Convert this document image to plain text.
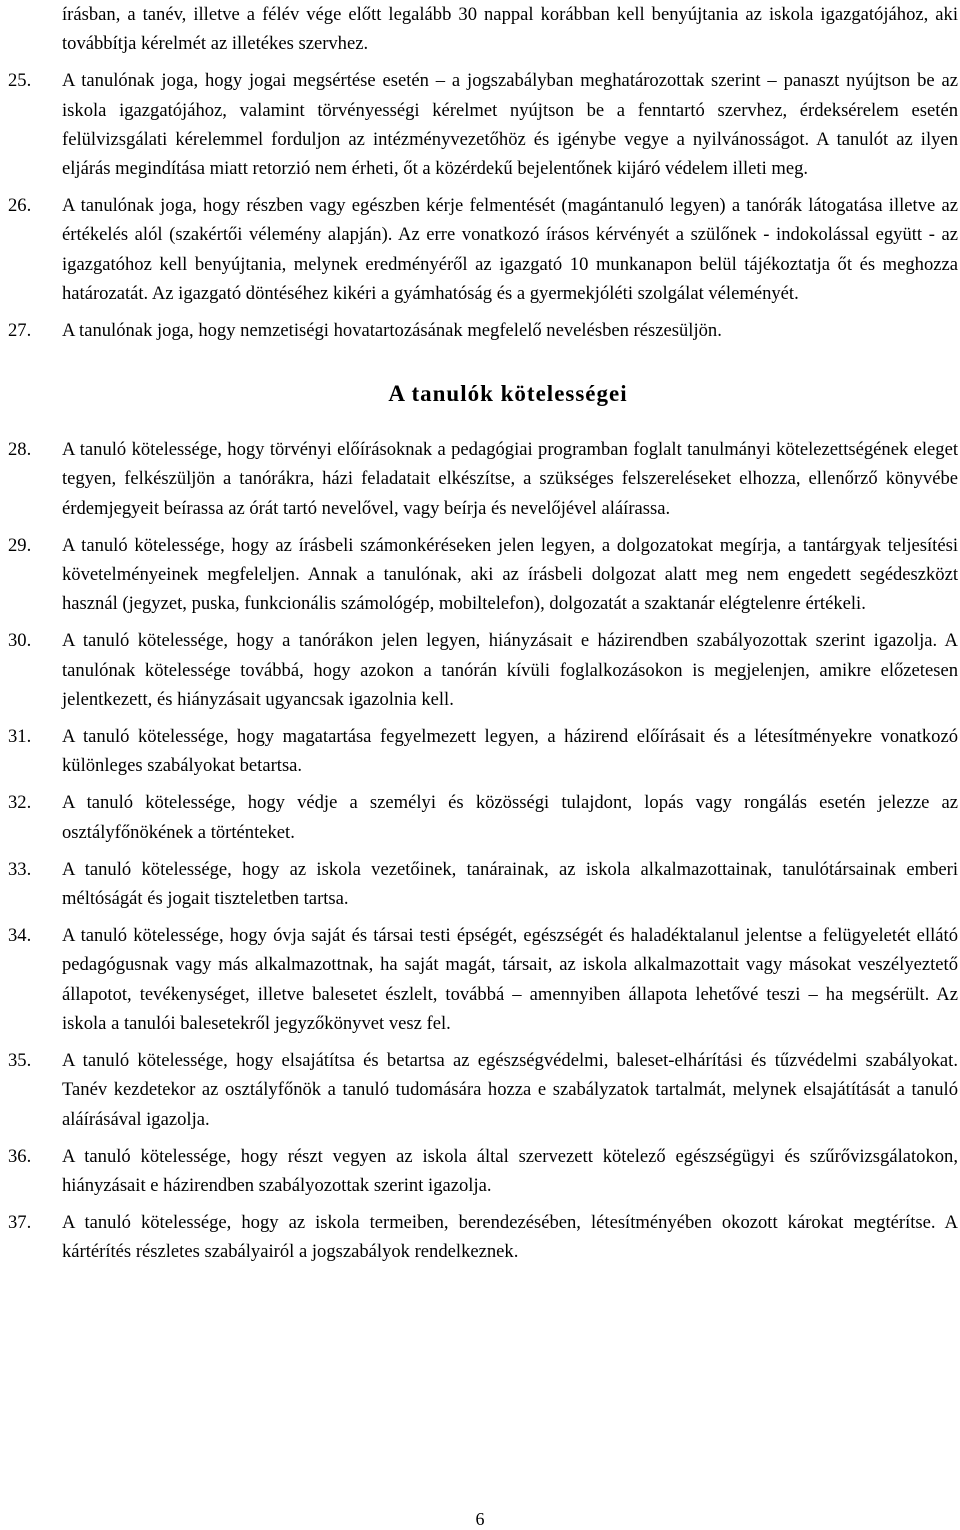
írásban, a tanév, illetve a félév vége előtt legalább 30 nappal korábban kell benyújtania az iskola igazgatójához, aki továbbítja kérelmét az illetékes szervhez.

25.	A tanulónak joga, hogy jogai megsértése esetén – a jogszabályban meghatározottak szerint – panaszt nyújtson be az iskola igazgatójához, valamint törvényességi kérelmet nyújtson be a fenntartó szervhez, érdeksérelem esetén felülvizsgálati kérelemmel forduljon az intézményvezetőhöz és igénybe vegye a nyilvánosságot. A tanulót az ilyen eljárás megindítása miatt retorzió nem érheti, őt a közérdekű bejelentőnek kijáró védelem illeti meg.
26.	A tanulónak joga, hogy részben vagy egészben kérje felmentését (magántanuló legyen) a tanórák látogatása illetve az értékelés alól (szakértői vélemény alapján). Az erre vonatkozó írásos kérvényét a szülőnek - indokolással együtt - az igazgatóhoz kell benyújtania, melynek eredményéről az igazgató 10 munkanapon belül tájékoztatja őt és meghozza határozatát. Az igazgató döntéséhez kikéri a gyámhatóság és a gyermekjóléti szolgálat véleményét.
27.	A tanulónak joga, hogy nemzetiségi hovatartozásának megfelelő nevelésben részesüljön.
A tanulók kötelességei
28.	A tanuló kötelessége, hogy törvényi előírásoknak a pedagógiai programban foglalt tanulmányi kötelezettségének eleget tegyen, felkészüljön a tanórákra, házi feladatait elkészítse, a szükséges felszereléseket elhozza, ellenőrző könyvébe érdemjegyeit beírassa az órát tartó nevelővel, vagy beírja és nevelőjével aláírassa.
29.	A tanuló kötelessége, hogy az írásbeli számonkéréseken jelen legyen, a dolgozatokat megírja, a tantárgyak teljesítési követelményeinek megfeleljen. Annak a tanulónak, aki az írásbeli dolgozat alatt meg nem engedett segédeszközt használ (jegyzet, puska, funkcionális számológép, mobiltelefon), dolgozatát a szaktanár elégtelenre értékeli.
30.	A tanuló kötelessége, hogy a tanórákon jelen legyen, hiányzásait e házirendben szabályozottak szerint igazolja. A tanulónak kötelessége továbbá, hogy azokon a tanórán kívüli foglalkozásokon is megjelenjen, amikre előzetesen jelentkezett, és hiányzásait ugyancsak igazolnia kell.
31.	A tanuló kötelessége, hogy magatartása fegyelmezett legyen, a házirend előírásait és a létesítményekre vonatkozó különleges szabályokat betartsa.
32.	A tanuló kötelessége, hogy védje a személyi és közösségi tulajdont, lopás vagy rongálás esetén jelezze az osztályfőnökének a történteket.
33.	A tanuló kötelessége, hogy az iskola vezetőinek, tanárainak, az iskola alkalmazottainak, tanulótársainak emberi méltóságát és jogait tiszteletben tartsa.
34.	A tanuló kötelessége, hogy óvja saját és társai testi épségét, egészségét és haladéktalanul jelentse a felügyeletét ellátó pedagógusnak vagy más alkalmazottnak, ha saját magát, társait, az iskola alkalmazottait vagy másokat veszélyeztető állapotot, tevékenységet, illetve balesetet észlelt, továbbá – amennyiben állapota lehetővé teszi – ha megsérült. Az iskola a tanulói balesetekről jegyzőkönyvet vesz fel.
35.	A tanuló kötelessége, hogy elsajátítsa és betartsa az egészségvédelmi, baleset-elhárítási és tűzvédelmi szabályokat. Tanév kezdetekor az osztályfőnök a tanuló tudomására hozza e szabályzatok tartalmát, melynek elsajátítását a tanuló aláírásával igazolja.
36.	A tanuló kötelessége, hogy részt vegyen az iskola által szervezett kötelező egészségügyi és szűrővizsgálatokon, hiányzásait e házirendben szabályozottak szerint igazolja.
37.	A tanuló kötelessége, hogy az iskola termeiben, berendezésében, létesítményében okozott károkat megtérítse. A kártérítés részletes szabályairól a jogszabályok rendelkeznek.
6
